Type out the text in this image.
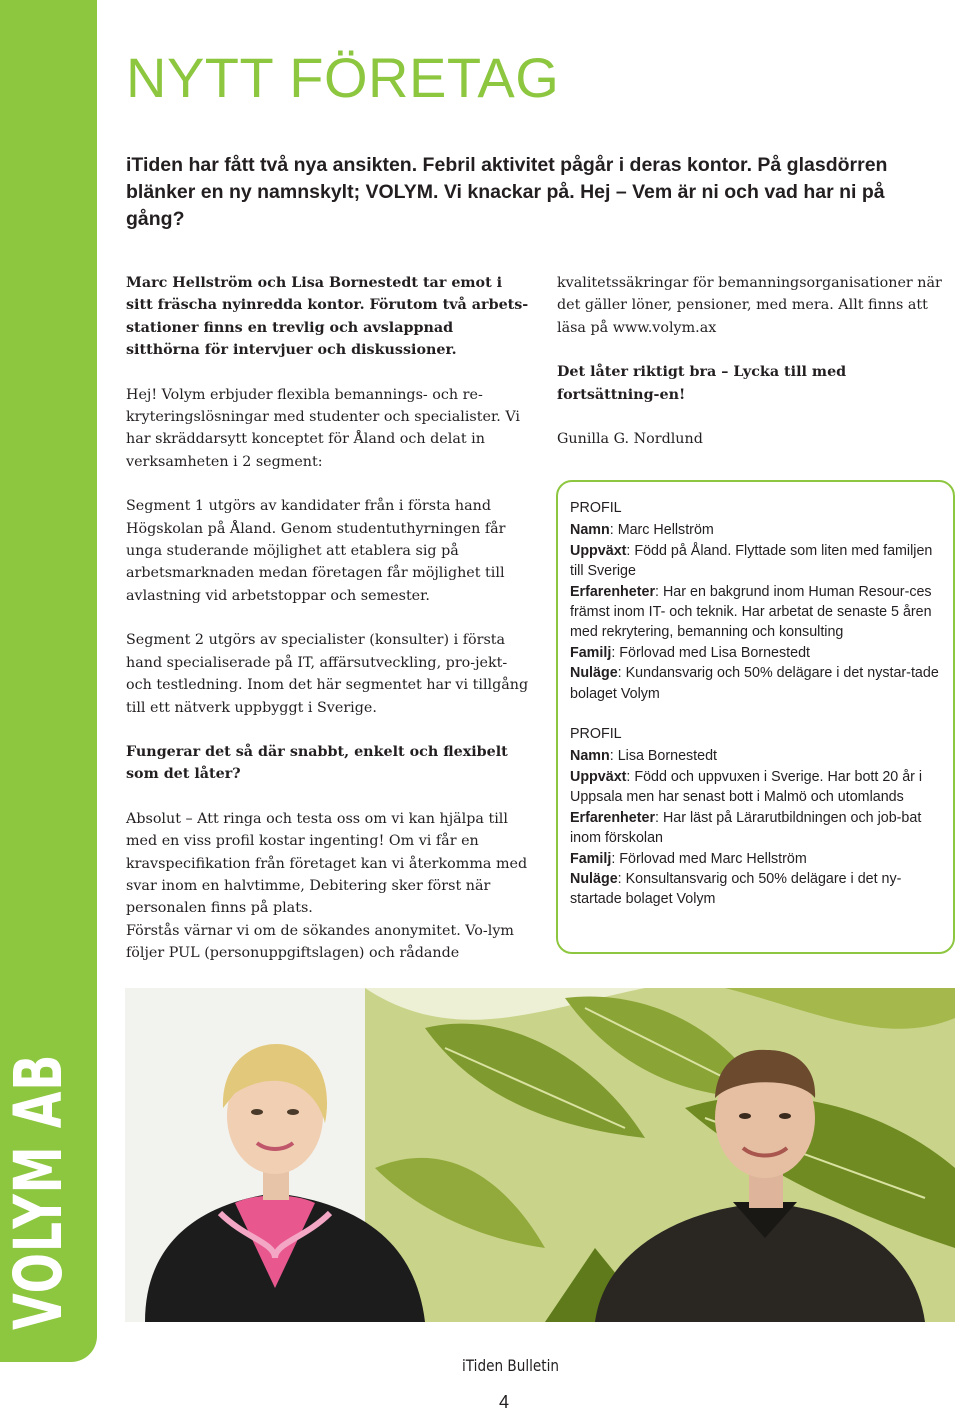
VOLYM AB
NYTT FÖRETAG
iTiden har fått två nya ansikten. Febril aktivitet pågår i deras kontor. På glasdörren blänker en ny namnskylt; VOLYM. Vi knackar på. Hej – Vem är ni och vad har ni på gång?

Marc Hellström och Lisa Bornestedt tar emot i sitt fräscha nyinredda kontor. Förutom två arbets-stationer finns en trevlig och avslappnad sitthörna för intervjuer och diskussioner.

Hej! Volym erbjuder flexibla bemannings- och re-kryteringslösningar med studenter och specialister. Vi har skräddarsytt konceptet för Åland och delat in verksamheten i 2 segment:

Segment 1 utgörs av kandidater från i första hand Högskolan på Åland. Genom studentuthyrningen får unga studerande möjlighet att etablera sig på arbetsmarknaden medan företagen får möjlighet till avlastning vid arbetstoppar och semester.

Segment 2 utgörs av specialister (konsulter) i första hand specialiserade på IT, affärsutveckling, pro-jekt- och testledning. Inom det här segmentet har vi tillgång till ett nätverk uppbyggt i Sverige.

Fungerar det så där snabbt, enkelt och flexibelt som det låter?

Absolut – Att ringa och testa oss om vi kan hjälpa till med en viss profil kostar ingenting! Om vi får en kravspecifikation från företaget kan vi återkomma med svar inom en halvtimme, Debitering sker först när personalen finns på plats.

Förstås värnar vi om de sökandes anonymitet. Vo-lym följer PUL (personuppgiftslagen) och rådande

kvalitetssäkringar för bemanningsorganisationer när det gäller löner, pensioner, med mera. Allt finns att läsa på www.volym.ax

Det låter riktigt bra – Lycka till med fortsättning-en!

Gunilla G. Nordlund

PROFIL
Namn: Marc Hellström
Uppväxt: Född på Åland. Flyttade som liten med familjen till Sverige
Erfarenheter: Har en bakgrund inom Human Resour-ces främst inom IT- och teknik. Har arbetat de senaste 5 åren med rekrytering, bemanning och konsulting
Familj: Förlovad med Lisa Bornestedt
Nuläge: Kundansvarig och 50% delägare i det nystar-tade bolaget Volym
PROFIL
Namn: Lisa Bornestedt
Uppväxt: Född och uppvuxen i Sverige. Har bott 20 år i Uppsala men har senast bott i Malmö och utomlands
Erfarenheter: Har läst på Lärarutbildningen och job-bat inom förskolan
Familj: Förlovad med Marc Hellström
Nuläge: Konsultansvarig och 50% delägare i det ny-startade bolaget Volym
iTiden Bulletin
4
